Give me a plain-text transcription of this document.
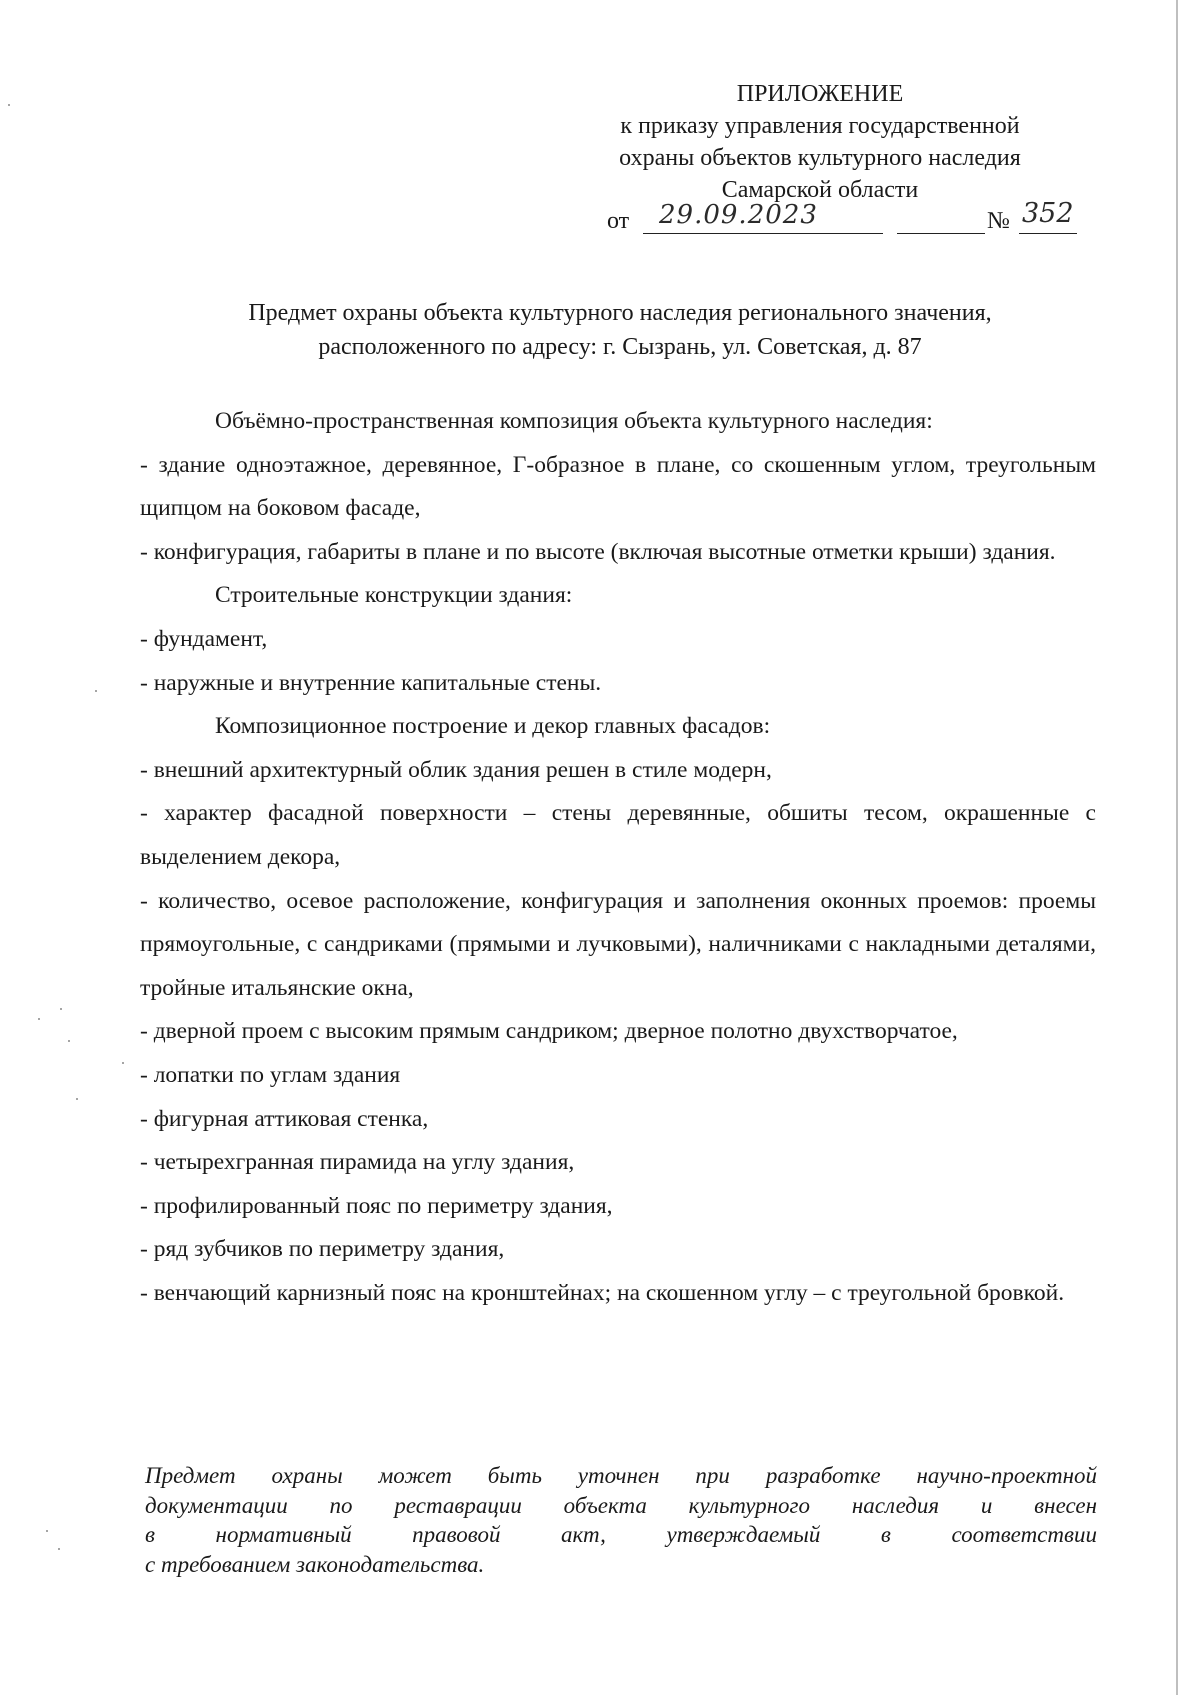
ПРИЛОЖЕНИЕ
к приказу управления государственной
охраны объектов культурного наследия
Самарской области
от 29.09.2023	№ 352
Предмет охраны объекта культурного наследия регионального значения,
расположенного по адресу: г. Сызрань, ул. Советская, д. 87

Объёмно-пространственная композиция объекта культурного наследия:

- здание одноэтажное, деревянное, Г-образное в плане, со скошенным углом, треугольным щипцом на боковом фасаде,

- конфигурация, габариты в плане и по высоте (включая высотные отметки крыши) здания.

Строительные конструкции здания:

- фундамент,

- наружные и внутренние капитальные стены.

Композиционное построение и декор главных фасадов:

- внешний архитектурный облик здания решен в стиле модерн,

- характер фасадной поверхности – стены деревянные, обшиты тесом, окрашенные с выделением декора,

- количество, осевое расположение, конфигурация и заполнения оконных проемов: проемы прямоугольные, с сандриками (прямыми и лучковыми), наличниками с накладными деталями, тройные итальянские окна,

- дверной проем с высоким прямым сандриком; дверное полотно двухстворчатое,

- лопатки по углам здания

- фигурная аттиковая стенка,

- четырехгранная пирамида на углу здания,

- профилированный пояс по периметру здания,

- ряд зубчиков по периметру здания,

- венчающий карнизный пояс на кронштейнах; на скошенном углу – с треугольной бровкой.

Предмет охраны может быть уточнен при разработке научно-проектной
документации по реставрации объекта культурного наследия и внесен
в нормативный правовой акт, утверждаемый в соответствии
с требованием законодательства.
